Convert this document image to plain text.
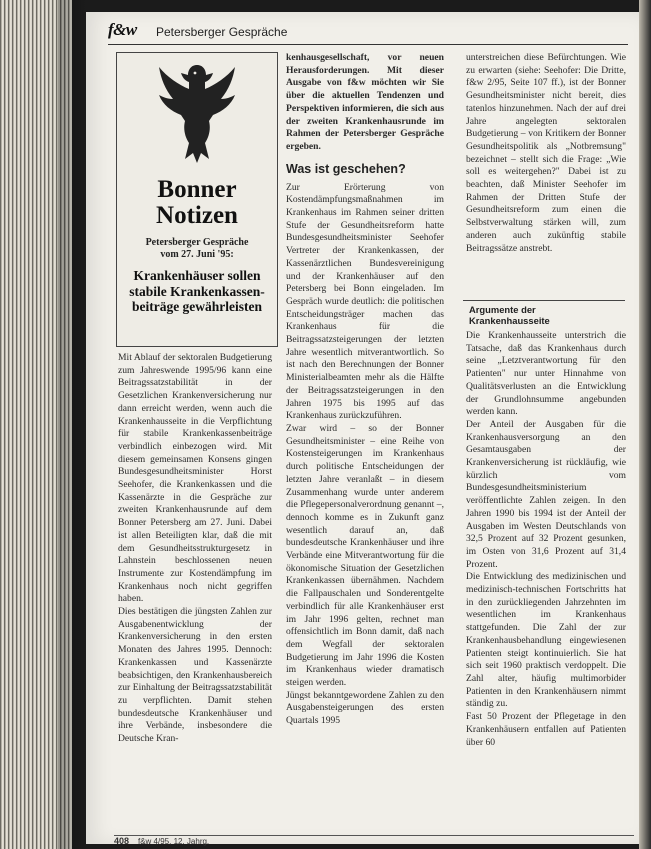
f&w Petersberger Gespräche
Bonner
Notizen
Petersberger Gespräche
vom 27. Juni '95:
Krankenhäuser sollen
stabile Krankenkassen-
beiträge gewährleisten

Mit Ablauf der sektoralen Budgetierung zum Jahreswende 1995/96 kann eine Beitragssatzstabilität in der Gesetzlichen Krankenversicherung nur dann erreicht werden, wenn auch die Krankenhausseite in die Verpflichtung für stabile Krankenkassenbeiträge verbindlich einbezogen wird. Mit diesem gemeinsamen Konsens gingen Bundesgesundheitsminister Horst Seehofer, die Krankenkassen und die Kassenärzte in die Gespräche zur zweiten Krankenhausrunde auf dem Bonner Petersberg am 27. Juni. Dabei ist allen Beteiligten klar, daß die mit dem Gesundheitsstrukturgesetz in Lahnstein beschlossenen neuen Instrumente zur Kostendämpfung im Krankenhaus noch nicht gegriffen haben.

Dies bestätigen die jüngsten Zahlen zur Ausgabenentwicklung der Krankenversicherung in den ersten Monaten des Jahres 1995. Dennoch: Krankenkassen und Kassenärzte beabsichtigen, den Krankenhausbereich zur Einhaltung der Beitragssatzstabilität zu verpflichten. Damit stehen bundesdeutsche Krankenhäuser und ihre Verbände, insbesondere die Deutsche Kran-

kenhausgesellschaft, vor neuen Herausforderungen. Mit dieser Ausgabe von f&w möchten wir Sie über die aktuellen Tendenzen und Perspektiven informieren, die sich aus der zweiten Krankenhausrunde im Rahmen der Petersberger Gespräche ergeben.

Was ist geschehen?

Zur Erörterung von Kostendämpfungsmaßnahmen im Krankenhaus im Rahmen seiner dritten Stufe der Gesundheitsreform hatte Bundesgesundheitsminister Seehofer Vertreter der Krankenkassen, der Kassenärztlichen Bundesvereinigung und der Krankenhäuser auf den Petersberg bei Bonn eingeladen. Im Gespräch wurde deutlich: die politischen Entscheidungsträger machen das Krankenhaus für die Beitragssatzsteigerungen der letzten Jahre wesentlich mitverantwortlich. So ist nach den Berechnungen der Bonner Ministerialbeamten mehr als die Hälfte der Beitragssatzsteigerungen in den Jahren 1975 bis 1995 auf das Krankenhaus zurückzuführen.

Zwar wird – so der Bonner Gesundheitsminister – eine Reihe von Kostensteigerungen im Krankenhaus durch politische Entscheidungen der letzten Jahre veranlaßt – in diesem Zusammenhang wurde unter anderem die Pflegepersonalverordnung genannt –, dennoch komme es in Zukunft ganz wesentlich darauf an, daß bundesdeutsche Krankenhäuser und ihre Verbände eine Mitverantwortung für die ökonomische Situation der Gesetzlichen Krankenkassen übernähmen. Nachdem die Fallpauschalen und Sonderentgelte verbindlich für alle Krankenhäuser erst im Jahr 1996 gelten, rechnet man offensichtlich im Bonn damit, daß nach dem Wegfall der sektoralen Budgetierung im Jahr 1996 die Kosten im Krankenhaus wieder dramatisch steigen werden.

Jüngst bekanntgewordene Zahlen zu den Ausgabensteigerungen des ersten Quartals 1995

unterstreichen diese Befürchtungen. Wie zu erwarten (siehe: Seehofer: Die Dritte, f&w 2/95, Seite 107 ff.), ist der Bonner Gesundheitsminister nicht bereit, dies tatenlos hinzunehmen. Nach der auf drei Jahre angelegten sektoralen Budgetierung – von Kritikern der Bonner Gesundheitspolitik als „Notbremsung" bezeichnet – stellt sich die Frage: „Wie soll es weitergehen?" Dabei ist zu beachten, daß Minister Seehofer im Rahmen der Dritten Stufe der Gesundheitsreform zum einen die Selbstverwaltung stärken will, zum anderen auch zukünftig stabile Beitragssätze anstrebt.

Argumente der
Krankenhausseite

Die Krankenhausseite unterstrich die Tatsache, daß das Krankenhaus durch seine „Letztverantwortung für den Patienten" nur unter Hinnahme von Qualitätsverlusten an die Entwicklung der Grundlohnsumme angebunden werden kann.

Der Anteil der Ausgaben für die Krankenhausversorgung an den Gesamtausgaben der Krankenversicherung ist rückläufig, wie kürzlich vom Bundesgesundheitsministerium veröffentlichte Zahlen zeigen. In den Jahren 1990 bis 1994 ist der Anteil der Ausgaben im Westen Deutschlands von 32,5 Prozent auf 32 Prozent gesunken, im Osten von 31,6 Prozent auf 31,4 Prozent.

Die Entwicklung des medizinischen und medizinisch-technischen Fortschritts hat in den zurückliegenden Jahrzehnten im wesentlichen im Krankenhaus stattgefunden. Die Zahl der zur Krankenhausbehandlung eingewiesenen Patienten steigt kontinuierlich. Sie hat sich seit 1960 praktisch verdoppelt. Die Zahl alter, häufig multimorbider Patienten in den Krankenhäusern nimmt ständig zu.

Fast 50 Prozent der Pflegetage in den Krankenhäusern entfallen auf Patienten über 60

408 f&w 4/95, 12. Jahrg.
